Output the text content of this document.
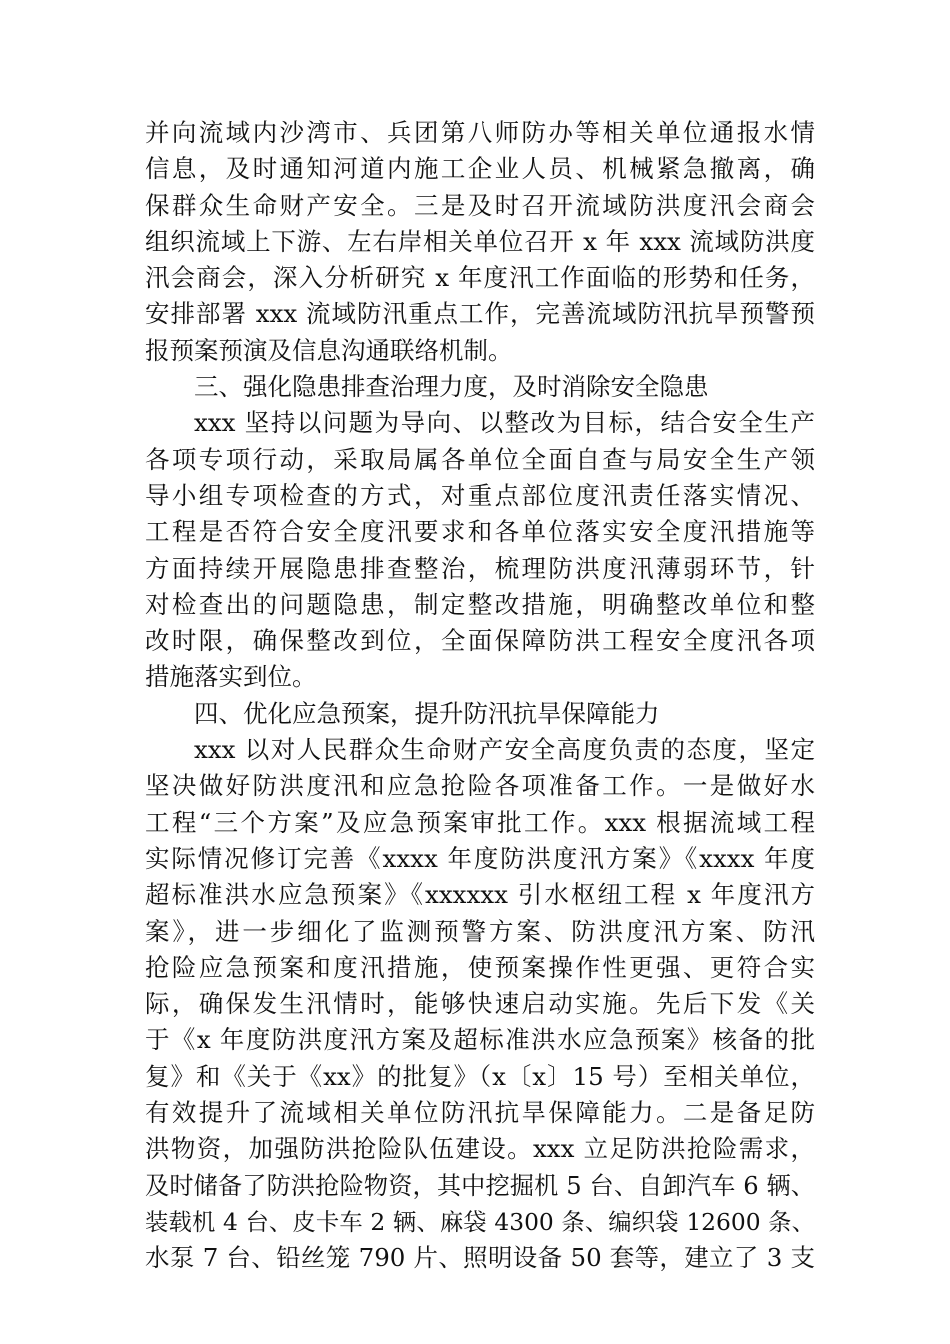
并向流域内沙湾市、兵团第八师防办等相关单位通报水情
信息，及时通知河道内施工企业人员、机械紧急撤离，确
保群众生命财产安全。三是及时召开流域防洪度汛会商会
组织流域上下游、左右岸相关单位召开 x 年 xxx 流域防洪度
汛会商会，深入分析研究 x 年度汛工作面临的形势和任务，
安排部署 xxx 流域防汛重点工作，完善流域防汛抗旱预警预
报预案预演及信息沟通联络机制。
三、强化隐患排查治理力度，及时消除安全隐患
xxx 坚持以问题为导向、以整改为目标，结合安全生产
各项专项行动，采取局属各单位全面自查与局安全生产领
导小组专项检查的方式，对重点部位度汛责任落实情况、
工程是否符合安全度汛要求和各单位落实安全度汛措施等
方面持续开展隐患排查整治，梳理防洪度汛薄弱环节，针
对检查出的问题隐患，制定整改措施，明确整改单位和整
改时限，确保整改到位，全面保障防洪工程安全度汛各项
措施落实到位。
四、优化应急预案，提升防汛抗旱保障能力
xxx 以对人民群众生命财产安全高度负责的态度，坚定
坚决做好防洪度汛和应急抢险各项准备工作。一是做好水
工程“三个方案”及应急预案审批工作。xxx 根据流域工程
实际情况修订完善《xxxx 年度防洪度汛方案》《xxxx 年度
超标准洪水应急预案》《xxxxxx 引水枢纽工程 x 年度汛方
案》，进一步细化了监测预警方案、防洪度汛方案、防汛
抢险应急预案和度汛措施，使预案操作性更强、更符合实
际，确保发生汛情时，能够快速启动实施。先后下发《关
于《x 年度防洪度汛方案及超标准洪水应急预案》核备的批
复》和《关于《xx》的批复》（x〔x〕15 号）至相关单位，
有效提升了流域相关单位防汛抗旱保障能力。二是备足防
洪物资，加强防洪抢险队伍建设。xxx 立足防洪抢险需求，
及时储备了防洪抢险物资，其中挖掘机 5 台、自卸汽车 6 辆、
装载机 4 台、皮卡车 2 辆、麻袋 4300 条、编织袋 12600 条、
水泵 7 台、铅丝笼 790 片、照明设备 50 套等，建立了 3 支
